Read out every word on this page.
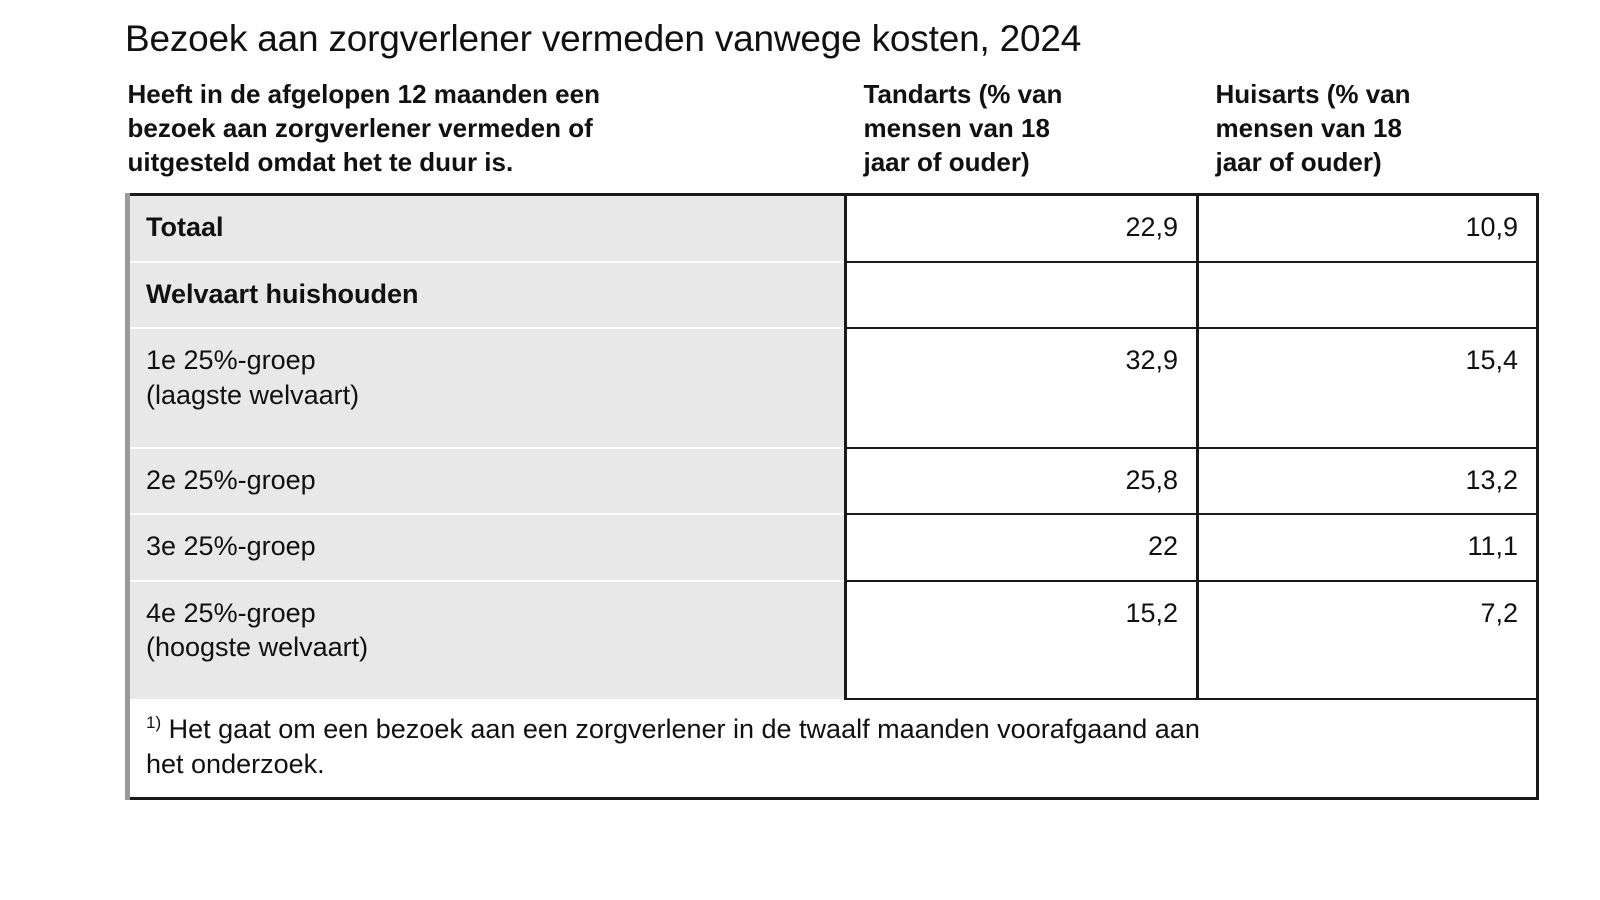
Bezoek aan zorgverlener vermeden vanwege kosten, 2024
Heeft in de afgelopen 12 maanden een
bezoek aan zorgverlener vermeden of
uitgesteld omdat het te duur is.	Tandarts (% van
mensen van 18
jaar of ouder)	Huisarts (% van
mensen van 18
jaar of ouder)

Totaal	22,9	10,9

Welvaart huishouden		

1e 25%-groep
(laagste welvaart)	32,9	15,4

2e 25%-groep	25,8	13,2

3e 25%-groep	22	11,1

4e 25%-groep
(hoogste welvaart)	15,2	7,2
$^{1)}$ Het gaat om een bezoek aan een zorgverlener in de twaalf maanden voorafgaand aan
het onderzoek.		
